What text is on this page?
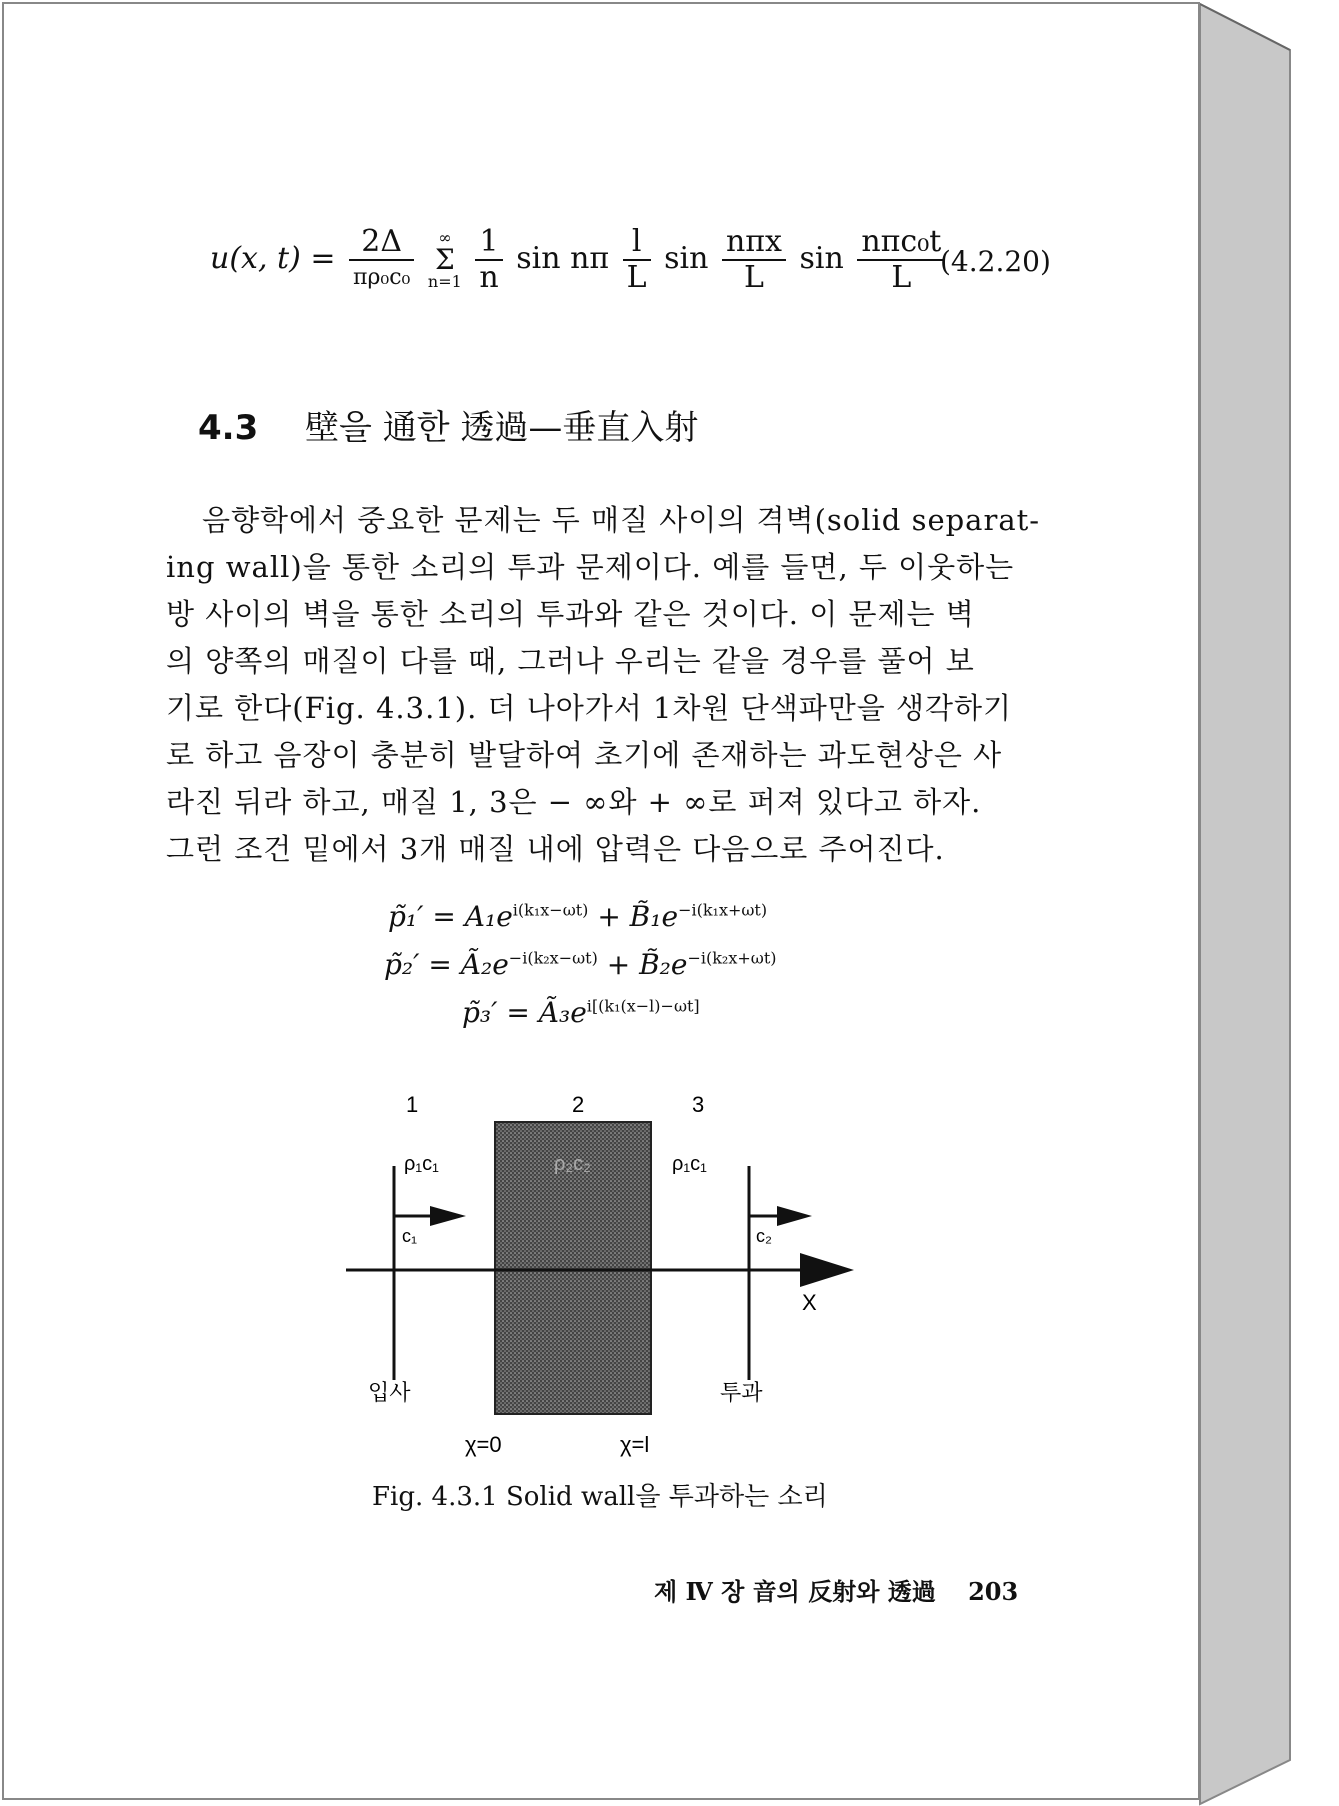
u(x, $t) = \frac{2\Delta}{\text{πρ₀c₀}}$
	∞
Σ
n=1
$\frac{1}{n}$ sin nπ $\frac{l}{L}$ $\sin \frac{\text{nπx}}{L}$ $\sin \frac{\text{nπc₀t}}{L}$
(4.2.20)
4.3 壁을 通한 透過—垂直入射
음향학에서 중요한 문제는 두 매질 사이의 격벽(solid separat-
ing wall)을 통한 소리의 투과 문제이다. 예를 들면, 두 이웃하는
방 사이의 벽을 통한 소리의 투과와 같은 것이다. 이 문제는 벽
의 양쪽의 매질이 다를 때, 그러나 우리는 같을 경우를 풀어 보
기로 한다(Fig. 4.3.1). 더 나아가서 1차원 단색파만을 생각하기
로 하고 음장이 충분히 발달하여 초기에 존재하는 과도현상은 사
라진 뒤라 하고, 매질 1, 3은 − ∞와 + ∞로 퍼져 있다고 하자.
그런 조건 밑에서 3개 매질 내에 압력은 다음으로 주어진다.
p̃₁′ = $A_1e^{i(k_1x-\omega t)}$ + $B̃_1e^{-i(k_1x+\omega t)}$
p̃₂′ = $Ã_2e^{-i(k_2x-\omega t)}$ + $B̃_2e^{-i(k_2x+\omega t)}$
p̃₃′ = $Ã_3e^{i[(k_1(x-l)-\omega t]}$
1	2	3
ρ₁c₁	ρ₂c₂	ρ₁c₁
c₁	c₂
X
입사	투과
χ=0	χ=l
Fig. 4.3.1 Solid wall을 투과하는 소리
제 Ⅳ 장 音의 反射와 透過 203
